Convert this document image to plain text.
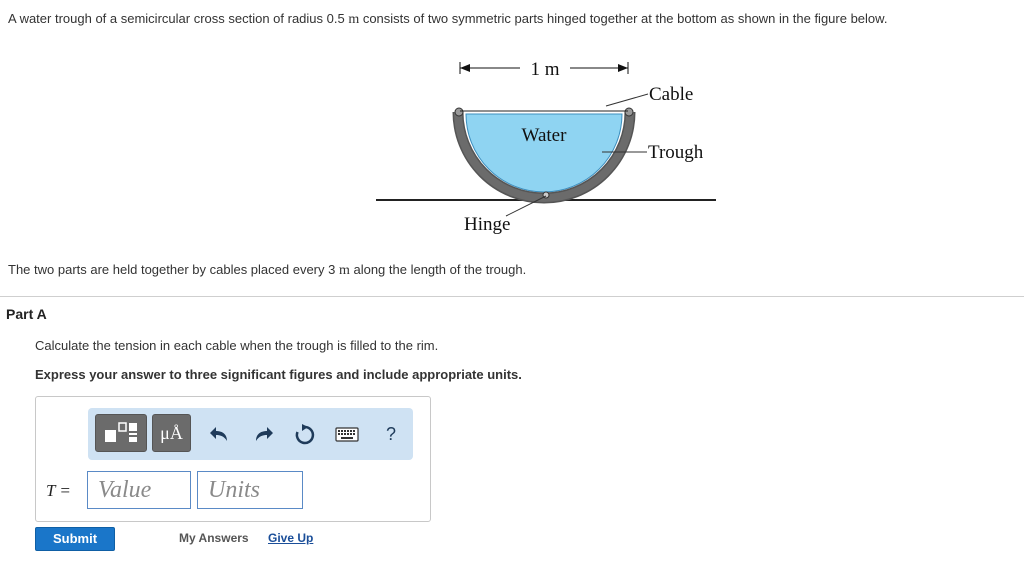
A water trough of a semicircular cross section of radius 0.5 m consists of two symmetric parts hinged together at the bottom as shown in the figure below.
1 m
Water
Cable
Trough
Hinge
The two parts are held together by cables placed every 3 m along the length of the trough.
Part A
Calculate the tension in each cable when the trough is filled to the rim.
Express your answer to three significant figures and include appropriate units.
μÅ	?
T =	Value	Units
Submit	My Answers Give Up
